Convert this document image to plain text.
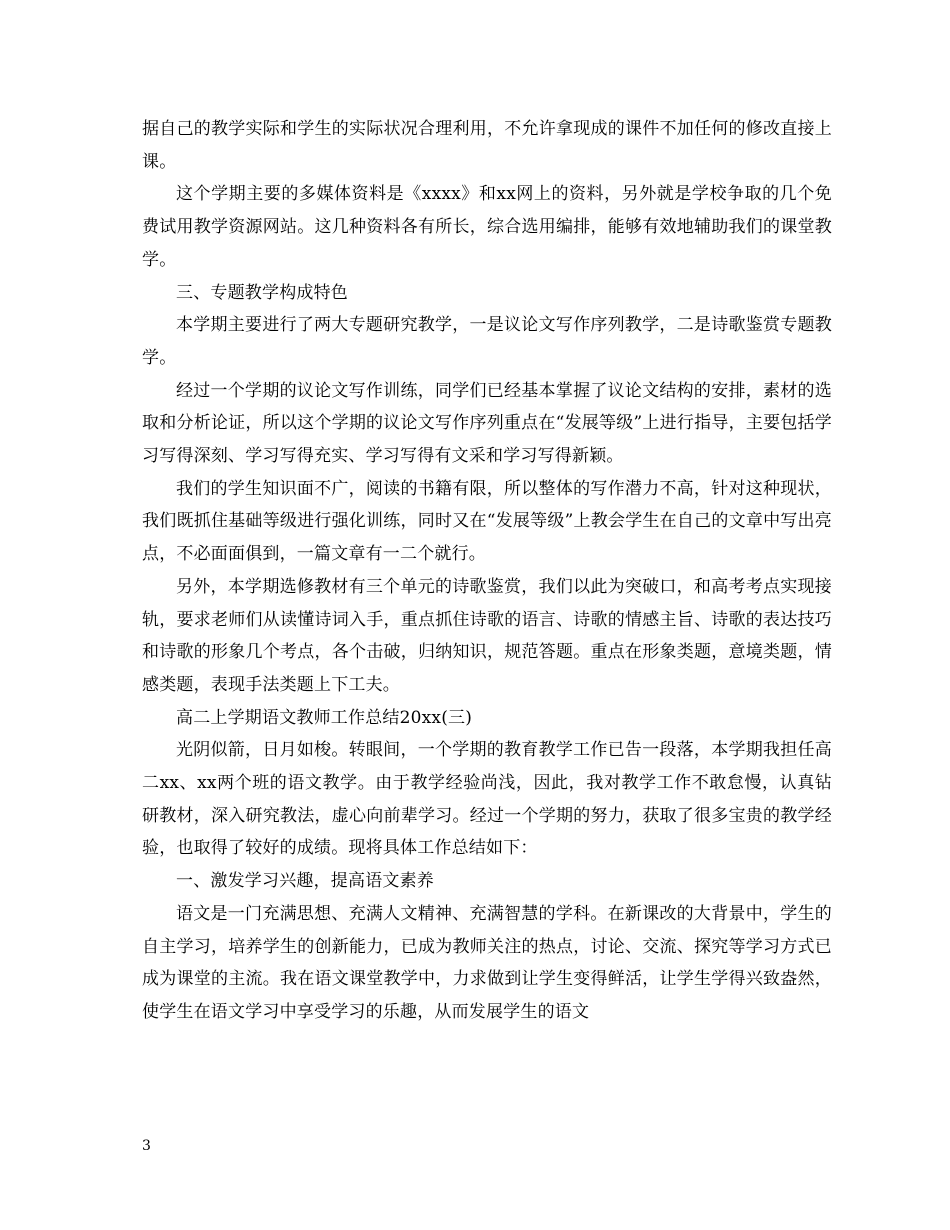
据自己的教学实际和学生的实际状况合理利用，不允许拿现成的课件不加任何的修改直接上课。

这个学期主要的多媒体资料是《xxxx》和xx网上的资料，另外就是学校争取的几个免费试用教学资源网站。这几种资料各有所长，综合选用编排，能够有效地辅助我们的课堂教学。

三、专题教学构成特色

本学期主要进行了两大专题研究教学，一是议论文写作序列教学，二是诗歌鉴赏专题教学。

经过一个学期的议论文写作训练，同学们已经基本掌握了议论文结构的安排，素材的选取和分析论证，所以这个学期的议论文写作序列重点在“发展等级”上进行指导，主要包括学习写得深刻、学习写得充实、学习写得有文采和学习写得新颖。

我们的学生知识面不广，阅读的书籍有限，所以整体的写作潜力不高，针对这种现状，我们既抓住基础等级进行强化训练，同时又在“发展等级”上教会学生在自己的文章中写出亮点，不必面面俱到，一篇文章有一二个就行。

另外，本学期选修教材有三个单元的诗歌鉴赏，我们以此为突破口，和高考考点实现接轨，要求老师们从读懂诗词入手，重点抓住诗歌的语言、诗歌的情感主旨、诗歌的表达技巧和诗歌的形象几个考点，各个击破，归纳知识，规范答题。重点在形象类题，意境类题，情感类题，表现手法类题上下工夫。

高二上学期语文教师工作总结20xx(三)

光阴似箭，日月如梭。转眼间，一个学期的教育教学工作已告一段落，本学期我担任高二xx、xx两个班的语文教学。由于教学经验尚浅，因此，我对教学工作不敢怠慢，认真钻研教材，深入研究教法，虚心向前辈学习。经过一个学期的努力，获取了很多宝贵的教学经验，也取得了较好的成绩。现将具体工作总结如下：

一、激发学习兴趣，提高语文素养

语文是一门充满思想、充满人文精神、充满智慧的学科。在新课改的大背景中，学生的自主学习，培养学生的创新能力，已成为教师关注的热点，讨论、交流、探究等学习方式已成为课堂的主流。我在语文课堂教学中，力求做到让学生变得鲜活，让学生学得兴致盎然，使学生在语文学习中享受学习的乐趣，从而发展学生的语文

3
